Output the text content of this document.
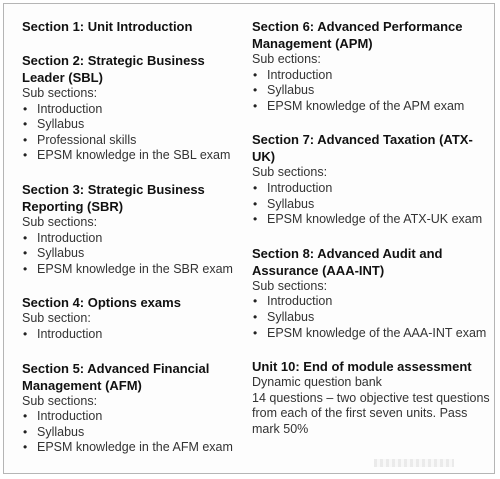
Section 1: Unit Introduction

Section 2: Strategic Business Leader (SBL)

Sub sections:

• Introduction
• Syllabus
• Professional skills
• EPSM knowledge in the SBL exam

Section 3: Strategic Business Reporting (SBR)

Sub sections:

• Introduction
• Syllabus
• EPSM knowledge in the SBR exam

Section 4: Options exams

Sub section:

• Introduction

Section 5: Advanced Financial Management (AFM)

Sub sections:

• Introduction
• Syllabus
• EPSM knowledge in the AFM exam

Section 6: Advanced Performance Management (APM)

Sub ections:

• Introduction
• Syllabus
• EPSM knowledge of the APM exam

Section 7: Advanced Taxation (ATX-UK)

Sub sections:

• Introduction
• Syllabus
• EPSM knowledge of the ATX-UK exam

Section 8: Advanced Audit and Assurance (AAA-INT)

Sub sections:

• Introduction
• Syllabus
• EPSM knowledge of the AAA-INT exam

Unit 10: End of module assessment

Dynamic question bank

14 questions – two objective test questions from each of the first seven units. Pass mark 50%
